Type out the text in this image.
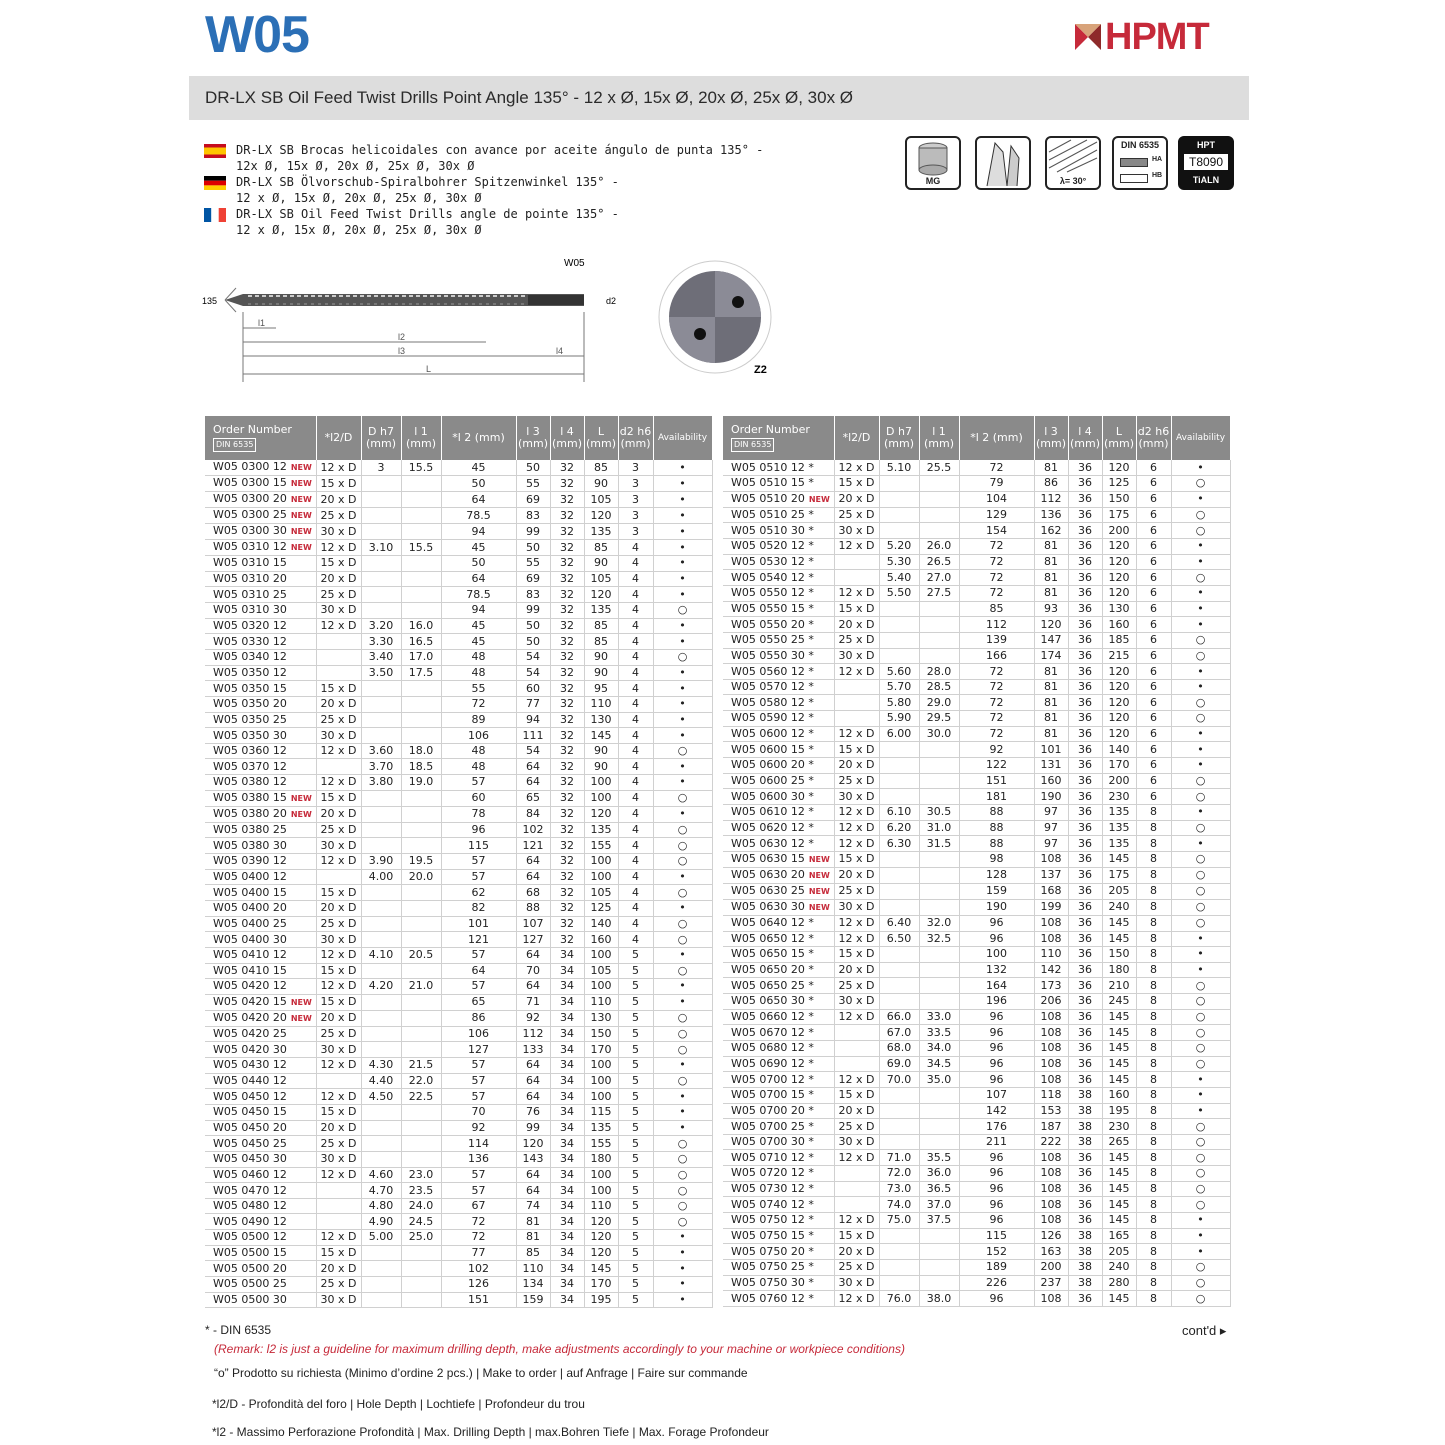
W05	HPMT
DR-LX SB Oil Feed Twist Drills Point Angle 135° - 12 x Ø, 15x Ø, 20x Ø, 25x Ø, 30x Ø
DR-LX SB Brocas helicoidales con avance por aceite ángulo de punta 135° -
12x Ø, 15x Ø, 20x Ø, 25x Ø, 30x Ø
DR-LX SB Ölvorschub-Spiralbohrer Spitzenwinkel 135° -
12 x Ø, 15x Ø, 20x Ø, 25x Ø, 30x Ø
DR-LX SB Oil Feed Twist Drills angle de pointe 135° -
12 x Ø, 15x Ø, 20x Ø, 25x Ø, 30x Ø
MG	λ= 30°
DIN 6535
HA
HB
HPT
T8090
TiALN
W05
135	d2
l1
l2
l3	l4
L	Z2
Order Number
DIN 6535	*l2/D	D h7 (mm)	l 1 (mm)	*l 2 (mm)	l 3 (mm)	l 4 (mm)	L (mm)	d2 h6 (mm)	Availability
W05 0300 12 NEW	12 x D	3	15.5	45	50	32	85	3	•
W05 0300 15 NEW	15 x D			50	55	32	90	3	•
W05 0300 20 NEW	20 x D			64	69	32	105	3	•
W05 0300 25 NEW	25 x D			78.5	83	32	120	3	•
W05 0300 30 NEW	30 x D			94	99	32	135	3	•
W05 0310 12 NEW	12 x D	3.10	15.5	45	50	32	85	4	•
W05 0310 15	15 x D			50	55	32	90	4	•
W05 0310 20	20 x D			64	69	32	105	4	•
W05 0310 25	25 x D			78.5	83	32	120	4	•
W05 0310 30	30 x D			94	99	32	135	4	○
W05 0320 12	12 x D	3.20	16.0	45	50	32	85	4	•
W05 0330 12		3.30	16.5	45	50	32	85	4	•
W05 0340 12		3.40	17.0	48	54	32	90	4	○
W05 0350 12		3.50	17.5	48	54	32	90	4	•
W05 0350 15	15 x D			55	60	32	95	4	•
W05 0350 20	20 x D			72	77	32	110	4	•
W05 0350 25	25 x D			89	94	32	130	4	•
W05 0350 30	30 x D			106	111	32	145	4	•
W05 0360 12	12 x D	3.60	18.0	48	54	32	90	4	○
W05 0370 12		3.70	18.5	48	64	32	90	4	•
W05 0380 12	12 x D	3.80	19.0	57	64	32	100	4	•
W05 0380 15 NEW	15 x D			60	65	32	100	4	○
W05 0380 20 NEW	20 x D			78	84	32	120	4	•
W05 0380 25	25 x D			96	102	32	135	4	○
W05 0380 30	30 x D			115	121	32	155	4	○
W05 0390 12	12 x D	3.90	19.5	57	64	32	100	4	○
W05 0400 12		4.00	20.0	57	64	32	100	4	•
W05 0400 15	15 x D			62	68	32	105	4	○
W05 0400 20	20 x D			82	88	32	125	4	•
W05 0400 25	25 x D			101	107	32	140	4	○
W05 0400 30	30 x D			121	127	32	160	4	○
W05 0410 12	12 x D	4.10	20.5	57	64	34	100	5	•
W05 0410 15	15 x D			64	70	34	105	5	○
W05 0420 12	12 x D	4.20	21.0	57	64	34	100	5	•
W05 0420 15 NEW	15 x D			65	71	34	110	5	•
W05 0420 20 NEW	20 x D			86	92	34	130	5	○
W05 0420 25	25 x D			106	112	34	150	5	○
W05 0420 30	30 x D			127	133	34	170	5	○
W05 0430 12	12 x D	4.30	21.5	57	64	34	100	5	•
W05 0440 12		4.40	22.0	57	64	34	100	5	○
W05 0450 12	12 x D	4.50	22.5	57	64	34	100	5	•
W05 0450 15	15 x D			70	76	34	115	5	•
W05 0450 20	20 x D			92	99	34	135	5	•
W05 0450 25	25 x D			114	120	34	155	5	○
W05 0450 30	30 x D			136	143	34	180	5	○
W05 0460 12	12 x D	4.60	23.0	57	64	34	100	5	○
W05 0470 12		4.70	23.5	57	64	34	100	5	○
W05 0480 12		4.80	24.0	67	74	34	110	5	○
W05 0490 12		4.90	24.5	72	81	34	120	5	○
W05 0500 12	12 x D	5.00	25.0	72	81	34	120	5	•
W05 0500 15	15 x D			77	85	34	120	5	•
W05 0500 20	20 x D			102	110	34	145	5	•
W05 0500 25	25 x D			126	134	34	170	5	•
W05 0500 30	30 x D			151	159	34	195	5	•
Order Number
DIN 6535	*l2/D	D h7 (mm)	l 1 (mm)	*l 2 (mm)	l 3 (mm)	l 4 (mm)	L (mm)	d2 h6 (mm)	Availability
W05 0510 12 *	12 x D	5.10	25.5	72	81	36	120	6	•
W05 0510 15 *	15 x D			79	86	36	125	6	○
W05 0510 20 NEW	20 x D			104	112	36	150	6	•
W05 0510 25 *	25 x D			129	136	36	175	6	○
W05 0510 30 *	30 x D			154	162	36	200	6	○
W05 0520 12 *	12 x D	5.20	26.0	72	81	36	120	6	•
W05 0530 12 *		5.30	26.5	72	81	36	120	6	•
W05 0540 12 *		5.40	27.0	72	81	36	120	6	○
W05 0550 12 *	12 x D	5.50	27.5	72	81	36	120	6	•
W05 0550 15 *	15 x D			85	93	36	130	6	•
W05 0550 20 *	20 x D			112	120	36	160	6	•
W05 0550 25 *	25 x D			139	147	36	185	6	○
W05 0550 30 *	30 x D			166	174	36	215	6	○
W05 0560 12 *	12 x D	5.60	28.0	72	81	36	120	6	•
W05 0570 12 *		5.70	28.5	72	81	36	120	6	•
W05 0580 12 *		5.80	29.0	72	81	36	120	6	○
W05 0590 12 *		5.90	29.5	72	81	36	120	6	○
W05 0600 12 *	12 x D	6.00	30.0	72	81	36	120	6	•
W05 0600 15 *	15 x D			92	101	36	140	6	•
W05 0600 20 *	20 x D			122	131	36	170	6	•
W05 0600 25 *	25 x D			151	160	36	200	6	○
W05 0600 30 *	30 x D			181	190	36	230	6	○
W05 0610 12 *	12 x D	6.10	30.5	88	97	36	135	8	•
W05 0620 12 *	12 x D	6.20	31.0	88	97	36	135	8	○
W05 0630 12 *	12 x D	6.30	31.5	88	97	36	135	8	•
W05 0630 15 NEW	15 x D			98	108	36	145	8	○
W05 0630 20 NEW	20 x D			128	137	36	175	8	○
W05 0630 25 NEW	25 x D			159	168	36	205	8	○
W05 0630 30 NEW	30 x D			190	199	36	240	8	○
W05 0640 12 *	12 x D	6.40	32.0	96	108	36	145	8	○
W05 0650 12 *	12 x D	6.50	32.5	96	108	36	145	8	•
W05 0650 15 *	15 x D			100	110	36	150	8	•
W05 0650 20 *	20 x D			132	142	36	180	8	•
W05 0650 25 *	25 x D			164	173	36	210	8	○
W05 0650 30 *	30 x D			196	206	36	245	8	○
W05 0660 12 *	12 x D	66.0	33.0	96	108	36	145	8	○
W05 0670 12 *		67.0	33.5	96	108	36	145	8	○
W05 0680 12 *		68.0	34.0	96	108	36	145	8	○
W05 0690 12 *		69.0	34.5	96	108	36	145	8	○
W05 0700 12 *	12 x D	70.0	35.0	96	108	36	145	8	•
W05 0700 15 *	15 x D			107	118	38	160	8	•
W05 0700 20 *	20 x D			142	153	38	195	8	•
W05 0700 25 *	25 x D			176	187	38	230	8	○
W05 0700 30 *	30 x D			211	222	38	265	8	○
W05 0710 12 *	12 x D	71.0	35.5	96	108	36	145	8	○
W05 0720 12 *		72.0	36.0	96	108	36	145	8	○
W05 0730 12 *		73.0	36.5	96	108	36	145	8	○
W05 0740 12 *		74.0	37.0	96	108	36	145	8	○
W05 0750 12 *	12 x D	75.0	37.5	96	108	36	145	8	•
W05 0750 15 *	15 x D			115	126	38	165	8	•
W05 0750 20 *	20 x D			152	163	38	205	8	•
W05 0750 25 *	25 x D			189	200	38	240	8	○
W05 0750 30 *	30 x D			226	237	38	280	8	○
W05 0760 12 *	12 x D	76.0	38.0	96	108	36	145	8	○
* - DIN 6535	cont'd ▸
(Remark: l2 is just a guideline for maximum drilling depth, make adjustments accordingly to your machine or workpiece conditions)
“o” Prodotto su richiesta (Minimo d’ordine 2 pcs.) | Make to order | auf Anfrage | Faire sur commande
*l2/D - Profondità del foro | Hole Depth | Lochtiefe | Profondeur du trou
*l2 - Massimo Perforazione Profondità | Max. Drilling Depth | max.Bohren Tiefe | Max. Forage Profondeur
